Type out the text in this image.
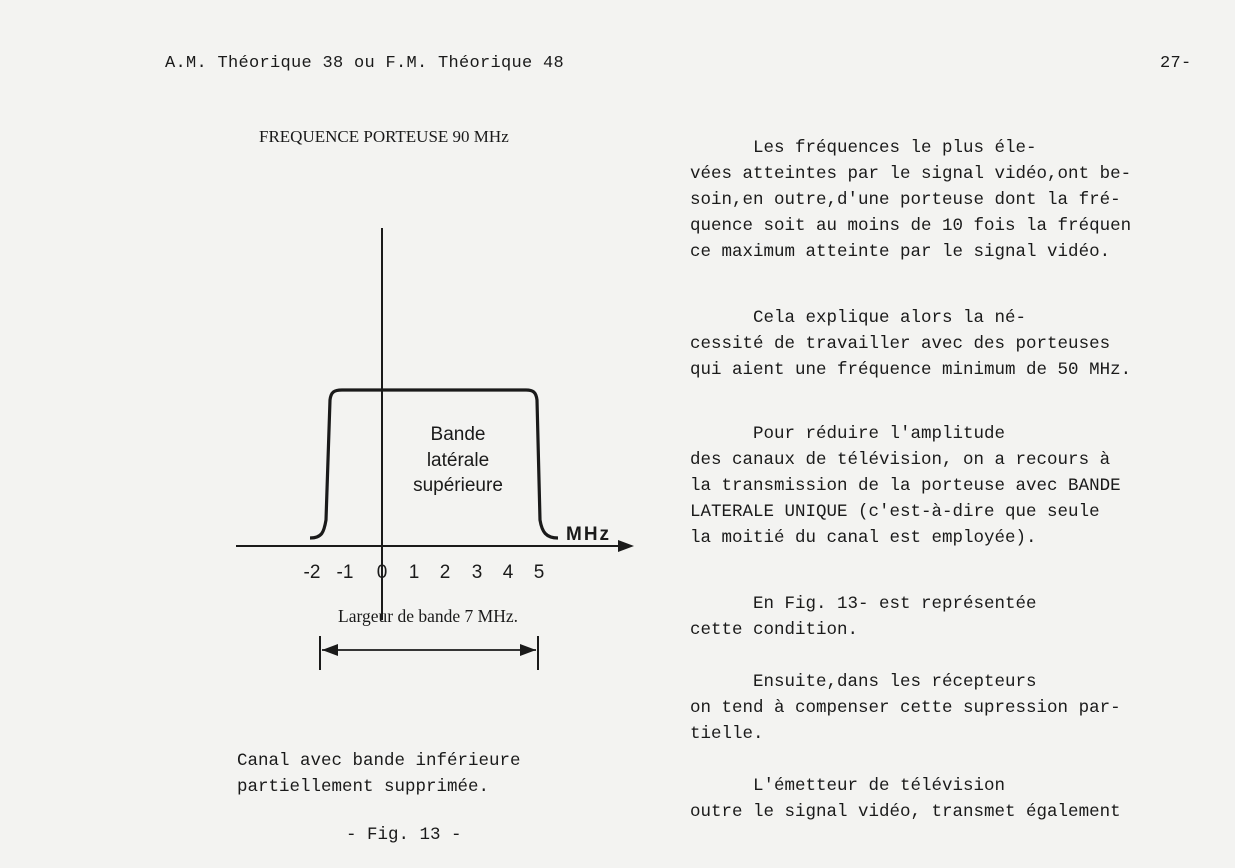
A.M. Théorique 38 ou F.M. Théorique 48	27-
FREQUENCE PORTEUSE 90 MHz
Bande
latérale
supérieure
MHz
-2 -1 0 1 2 3 4 5
Largeur de bande 7 MHz.
Canal avec bande inférieure
partiellement supprimée.
- Fig. 13 -
Les fréquences le plus éle-
vées atteintes par le signal vidéo,ont be-
soin,en outre,d'une porteuse dont la fré-
quence soit au moins de 10 fois la fréquen
ce maximum atteinte par le signal vidéo.
Cela explique alors la né-
cessité de travailler avec des porteuses
qui aient une fréquence minimum de 50 MHz.
Pour réduire l'amplitude
des canaux de télévision, on a recours à
la transmission de la porteuse avec BANDE
LATERALE UNIQUE (c'est-à-dire que seule
la moitié du canal est employée).
En Fig. 13- est représentée
cette condition.
Ensuite,dans les récepteurs
on tend à compenser cette supression par-
tielle.
L'émetteur de télévision
outre le signal vidéo, transmet également
